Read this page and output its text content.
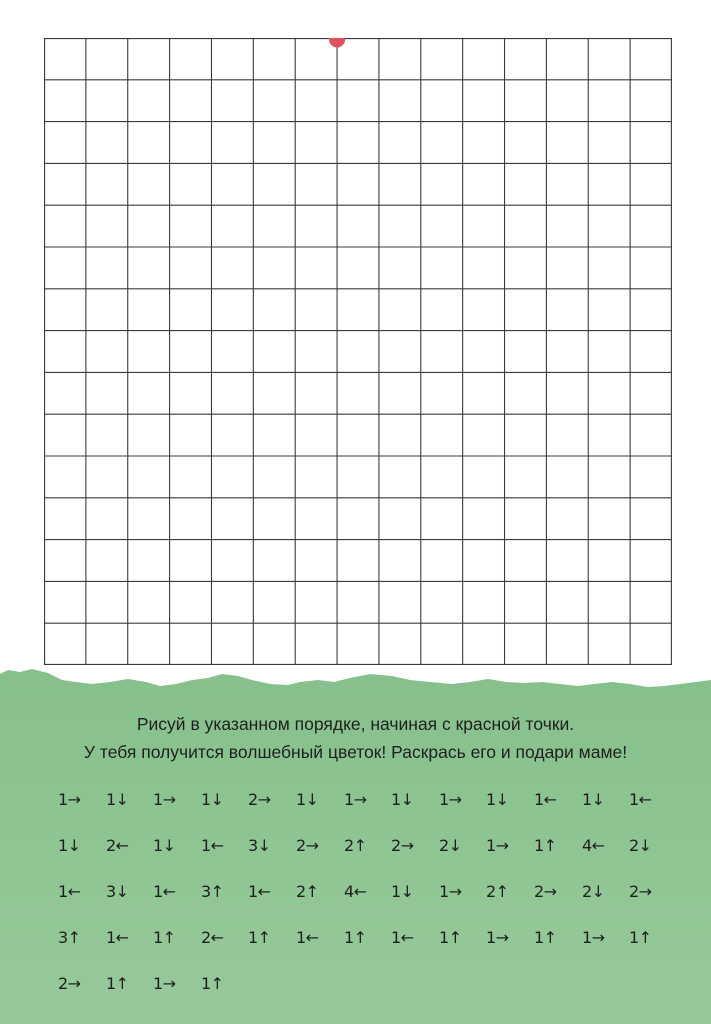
Рисуй в указанном порядке, начиная с красной точки.
У тебя получится волшебный цветок! Раскрась его и подари маме!
1→ 1↓ 1→ 1↓ 2→ 1↓ 1→ 1↓ 1→ 1↓ 1← 1↓ 1←
1↓ 2← 1↓ 1← 3↓ 2→ 2↑ 2→ 2↓ 1→ 1↑ 4← 2↓
1← 3↓ 1← 3↑ 1← 2↑ 4← 1↓ 1→ 2↑ 2→ 2↓ 2→
3↑ 1← 1↑ 2← 1↑ 1← 1↑ 1← 1↑ 1→ 1↑ 1→ 1↑
2→ 1↑ 1→ 1↑
